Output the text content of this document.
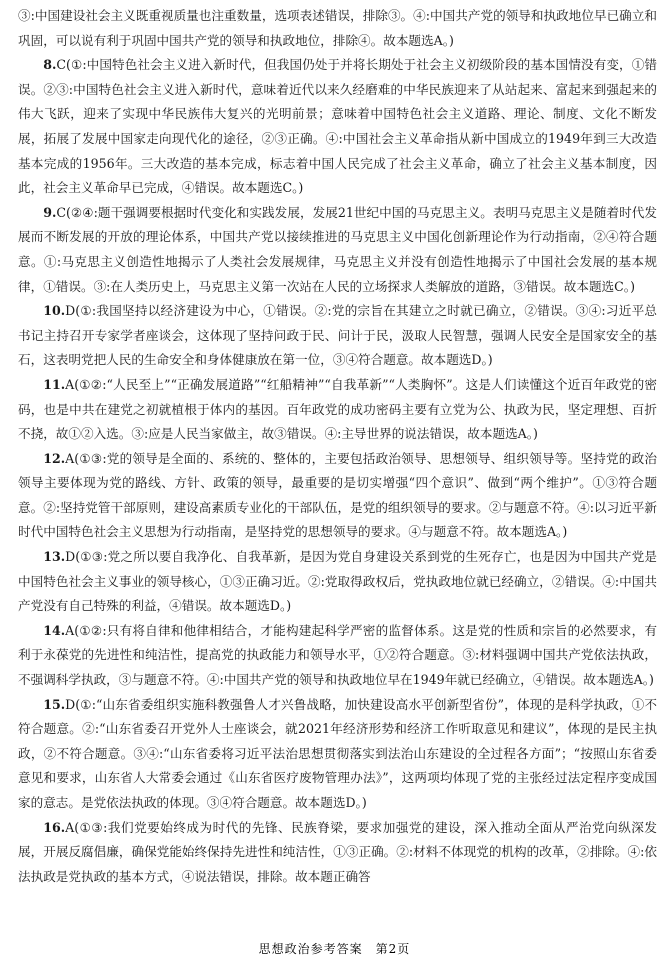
③:中国建设社会主义既重视质量也注重数量，选项表述错误，排除③。④:中国共产党的领导和执政地位早已确立和巩固，可以说有利于巩固中国共产党的领导和执政地位，排除④。故本题选A。)

8.C(①:中国特色社会主义进入新时代，但我国仍处于并将长期处于社会主义初级阶段的基本国情没有变，①错误。②③:中国特色社会主义进入新时代，意味着近代以来久经磨难的中华民族迎来了从站起来、富起来到强起来的伟大飞跃，迎来了实现中华民族伟大复兴的光明前景；意味着中国特色社会主义道路、理论、制度、文化不断发展，拓展了发展中国家走向现代化的途径，②③正确。④:中国社会主义革命指从新中国成立的1949年到三大改造基本完成的1956年。三大改造的基本完成，标志着中国人民完成了社会主义革命，确立了社会主义基本制度，因此，社会主义革命早已完成，④错误。故本题选C。)

9.C(②④:题干强调要根据时代变化和实践发展，发展21世纪中国的马克思主义。表明马克思主义是随着时代发展而不断发展的开放的理论体系，中国共产党以接续推进的马克思主义中国化创新理论作为行动指南，②④符合题意。①:马克思主义创造性地揭示了人类社会发展规律，马克思主义并没有创造性地揭示了中国社会发展的基本规律，①错误。③:在人类历史上，马克思主义第一次站在人民的立场探求人类解放的道路，③错误。故本题选C。)

10.D(①:我国坚持以经济建设为中心，①错误。②:党的宗旨在其建立之时就已确立，②错误。③④:习近平总书记主持召开专家学者座谈会，这体现了坚持问政于民、问计于民，汲取人民智慧，强调人民安全是国家安全的基石，这表明党把人民的生命安全和身体健康放在第一位，③④符合题意。故本题选D。)

11.A(①②:“人民至上”“正确发展道路”“红船精神”“自我革新”“人类胸怀”。这是人们读懂这个近百年政党的密码，也是中共在建党之初就植根于体内的基因。百年政党的成功密码主要有立党为公、执政为民，坚定理想、百折不挠，故①②入选。③:应是人民当家做主，故③错误。④:主导世界的说法错误，故本题选A。)

12.A(①③:党的领导是全面的、系统的、整体的，主要包括政治领导、思想领导、组织领导等。坚持党的政治领导主要体现为党的路线、方针、政策的领导，最重要的是切实增强“四个意识”、做到“两个维护”。①③符合题意。②:坚持党管干部原则，建设高素质专业化的干部队伍，是党的组织领导的要求。②与题意不符。④:以习近平新时代中国特色社会主义思想为行动指南，是坚持党的思想领导的要求。④与题意不符。故本题选A。)

13.D(①③:党之所以要自我净化、自我革新，是因为党自身建设关系到党的生死存亡，也是因为中国共产党是中国特色社会主义事业的领导核心，①③正确习近。②:党取得政权后，党执政地位就已经确立，②错误。④:中国共产党没有自己特殊的利益，④错误。故本题选D。)

14.A(①②:只有将自律和他律相结合，才能构建起科学严密的监督体系。这是党的性质和宗旨的必然要求，有利于永葆党的先进性和纯洁性，提高党的执政能力和领导水平，①②符合题意。③:材料强调中国共产党依法执政，不强调科学执政，③与题意不符。④:中国共产党的领导和执政地位早在1949年就已经确立，④错误。故本题选A。)

15.D(①:“山东省委组织实施科教强鲁人才兴鲁战略，加快建设高水平创新型省份”，体现的是科学执政，①不符合题意。②:“山东省委召开党外人士座谈会，就2021年经济形势和经济工作听取意见和建议”，体现的是民主执政，②不符合题意。③④:“山东省委将习近平法治思想贯彻落实到法治山东建设的全过程各方面”；“按照山东省委意见和要求，山东省人大常委会通过《山东省医疗废物管理办法》”，这两项均体现了党的主张经过法定程序变成国家的意志。是党依法执政的体现。③④符合题意。故本题选D。)

16.A(①③:我们党要始终成为时代的先锋、民族脊梁，要求加强党的建设，深入推动全面从严治党向纵深发展，开展反腐倡廉，确保党能始终保持先进性和纯洁性，①③正确。②:材料不体现党的机构的改革，②排除。④:依法执政是党执政的基本方式，④说法错误，排除。故本题正确答

思想政治参考答案　第2页
